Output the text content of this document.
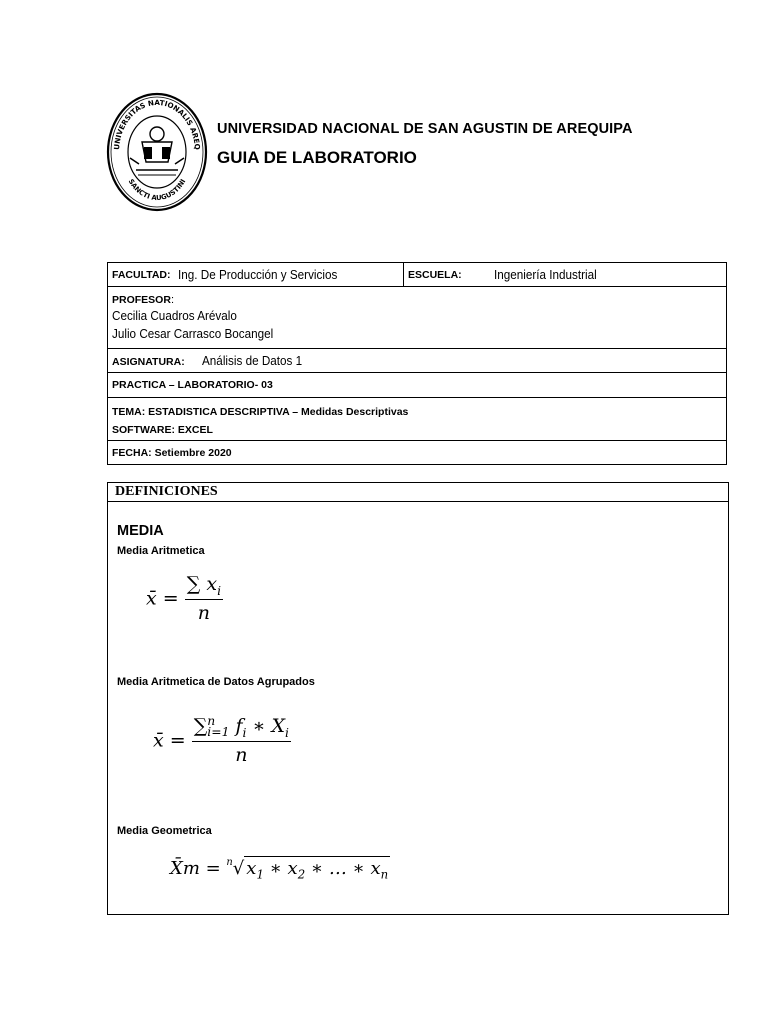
UNIVERSITAS NATIONALIS AREQ
SANCTI AUGUSTINI
UNIVERSIDAD NACIONAL DE SAN AGUSTIN DE AREQUIPA
GUIA DE LABORATORIO
FACULTAD: Ing. De Producción y Servicios	ESCUELA:	Ingeniería Industrial
PROFESOR:
Cecilia Cuadros Arévalo
Julio Cesar Carrasco Bocangel
ASIGNATURA: Análisis de Datos 1
PRACTICA – LABORATORIO- 03
TEMA: ESTADISTICA DESCRIPTIVA – Medidas Descriptivas
SOFTWARE: EXCEL
FECHA: Setiembre 2020
DEFINICIONES
MEDIA
Media Aritmetica
x̄ = $\frac{\sum x_i}{n}$
Media Aritmetica de Datos Agrupados
x̄ = ∑ n
i=1 $f_i$ ∗ $X_i$
n
Media Geometrica
X̄m = $^n$√ $x_1$ ∗ $x_2$ ∗ … ∗ $x_n$
